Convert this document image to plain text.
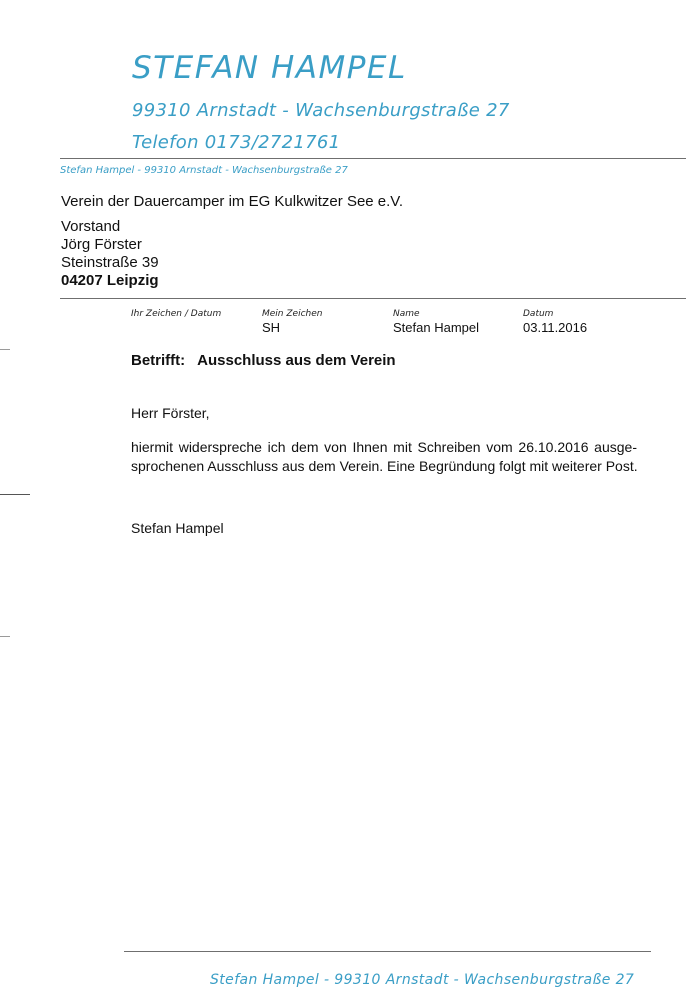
STEFAN HAMPEL
99310 Arnstadt - Wachsenburgstraße 27
Telefon 0173/2721761
Stefan Hampel - 99310 Arnstadt - Wachsenburgstraße 27
Verein der Dauercamper im EG Kulkwitzer See e.V.
Vorstand
Jörg Förster
Steinstraße 39
04207 Leipzig
Ihr Zeichen / Datum	Mein Zeichen
SH
Name
Stefan Hampel
Datum
03.11.2016
Betrifft: Ausschluss aus dem Verein
Herr Förster,
hiermit widerspreche ich dem von Ihnen mit Schreiben vom 26.10.2016 ausge-
sprochenen Ausschluss aus dem Verein. Eine Begründung folgt mit weiterer Post.
Stefan Hampel
Stefan Hampel - 99310 Arnstadt - Wachsenburgstraße 27
